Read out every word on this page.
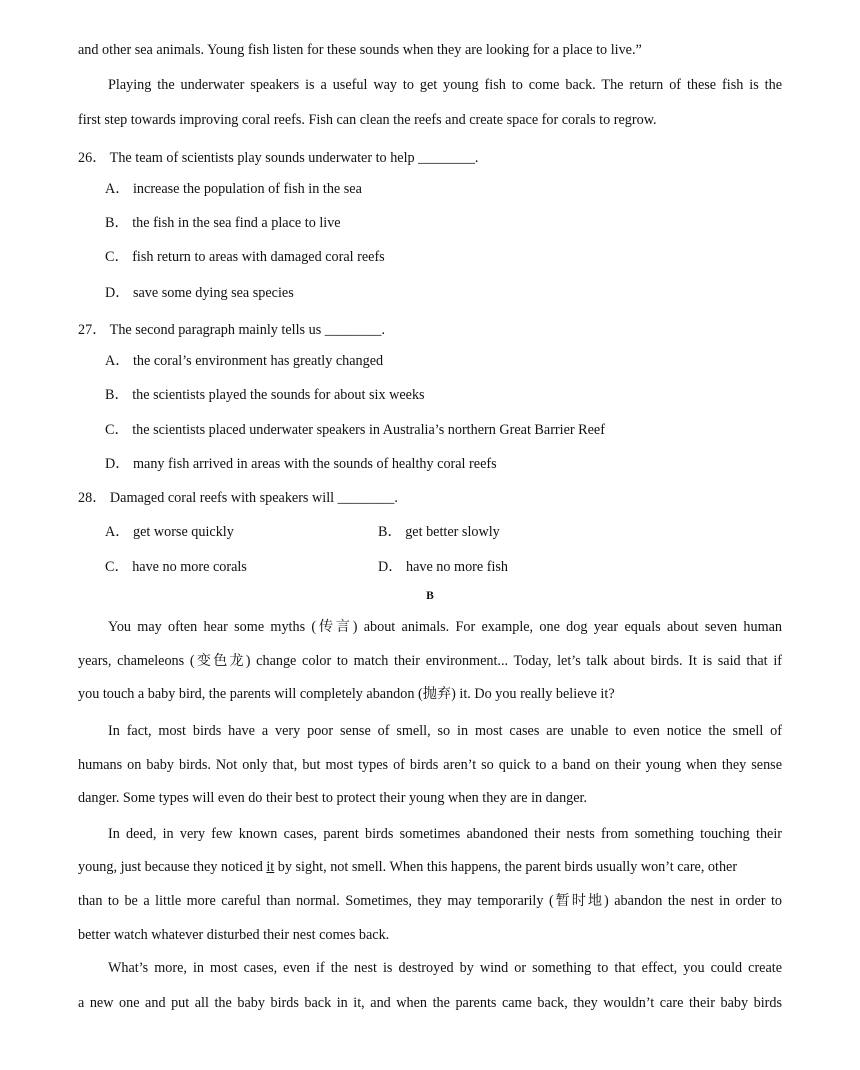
and other sea animals. Young fish listen for these sounds when they are looking for a place to live.”
Playing the underwater speakers is a useful way to get young fish to come back. The return of these fish is the
first step towards improving coral reefs. Fish can clean the reefs and create space for corals to regrow.
26． The team of scientists play sounds underwater to help ________.
A． increase the population of fish in the sea
B． the fish in the sea find a place to live
C． fish return to areas with damaged coral reefs
D． save some dying sea species
27． The second paragraph mainly tells us ________.
A． the coral’s environment has greatly changed
B． the scientists played the sounds for about six weeks
C． the scientists placed underwater speakers in Australia’s northern Great Barrier Reef
D． many fish arrived in areas with the sounds of healthy coral reefs
28． Damaged coral reefs with speakers will ________.
A． get worse quickly	B． get better slowly
C． have no more corals	D． have no more fish
B
You may often hear some myths (传言) about animals. For example, one dog year equals about seven human
years, chameleons (变色龙) change color to match their environment... Today, let’s talk about birds. It is said that if
you touch a baby bird, the parents will completely abandon (抛弃) it. Do you really believe it?
In fact, most birds have a very poor sense of smell, so in most cases are unable to even notice the smell of
humans on baby birds. Not only that, but most types of birds aren’t so quick to a band on their young when they sense
danger. Some types will even do their best to protect their young when they are in danger.
In deed, in very few known cases, parent birds sometimes abandoned their nests from something touching their
young, just because they noticed it by sight, not smell. When this happens, the parent birds usually won’t care, other
than to be a little more careful than normal. Sometimes, they may temporarily (暂时地) abandon the nest in order to
better watch whatever disturbed their nest comes back.
What’s more, in most cases, even if the nest is destroyed by wind or something to that effect, you could create
a new one and put all the baby birds back in it, and when the parents came back, they wouldn’t care their baby birds
